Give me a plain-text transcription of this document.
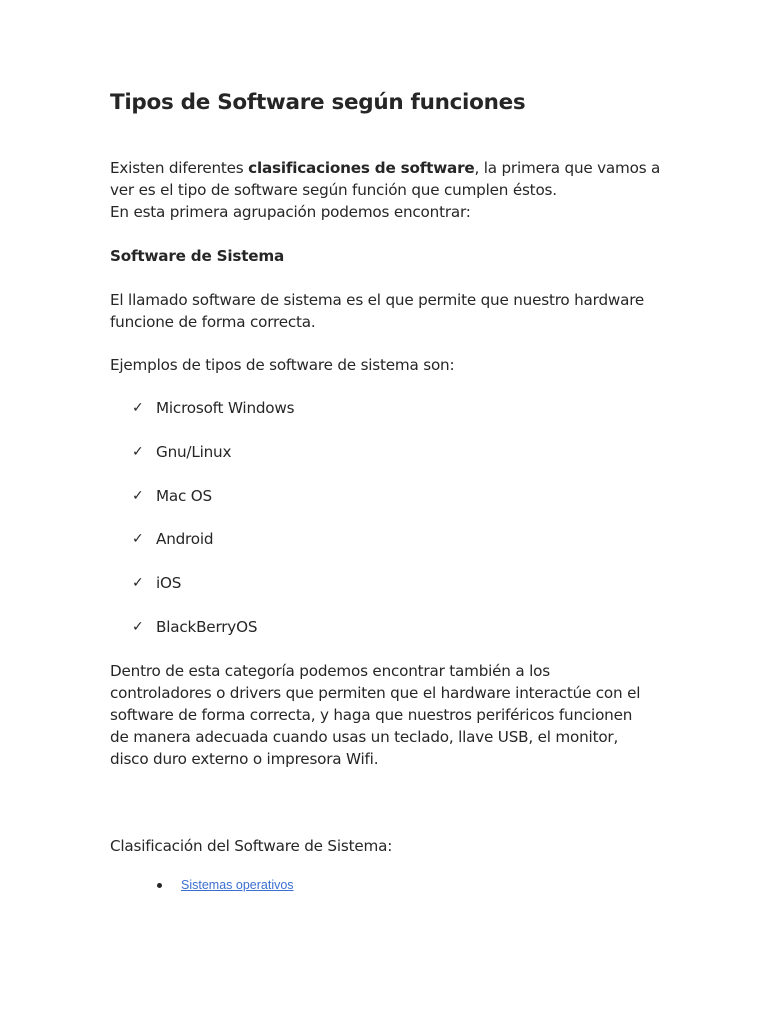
Tipos de Software según funciones
Existen diferentes clasificaciones de software, la primera que vamos a
ver es el tipo de software según función que cumplen éstos.
En esta primera agrupación podemos encontrar:
Software de Sistema
El llamado software de sistema es el que permite que nuestro hardware
funcione de forma correcta.
Ejemplos de tipos de software de sistema son:
✓ Microsoft Windows
✓ Gnu/Linux
✓ Mac OS
✓ Android
✓ iOS
✓ BlackBerryOS
Dentro de esta categoría podemos encontrar también a los
controladores o drivers que permiten que el hardware interactúe con el
software de forma correcta, y haga que nuestros periféricos funcionen
de manera adecuada cuando usas un teclado, llave USB, el monitor,
disco duro externo o impresora Wifi.
Clasificación del Software de Sistema:
Sistemas operativos
